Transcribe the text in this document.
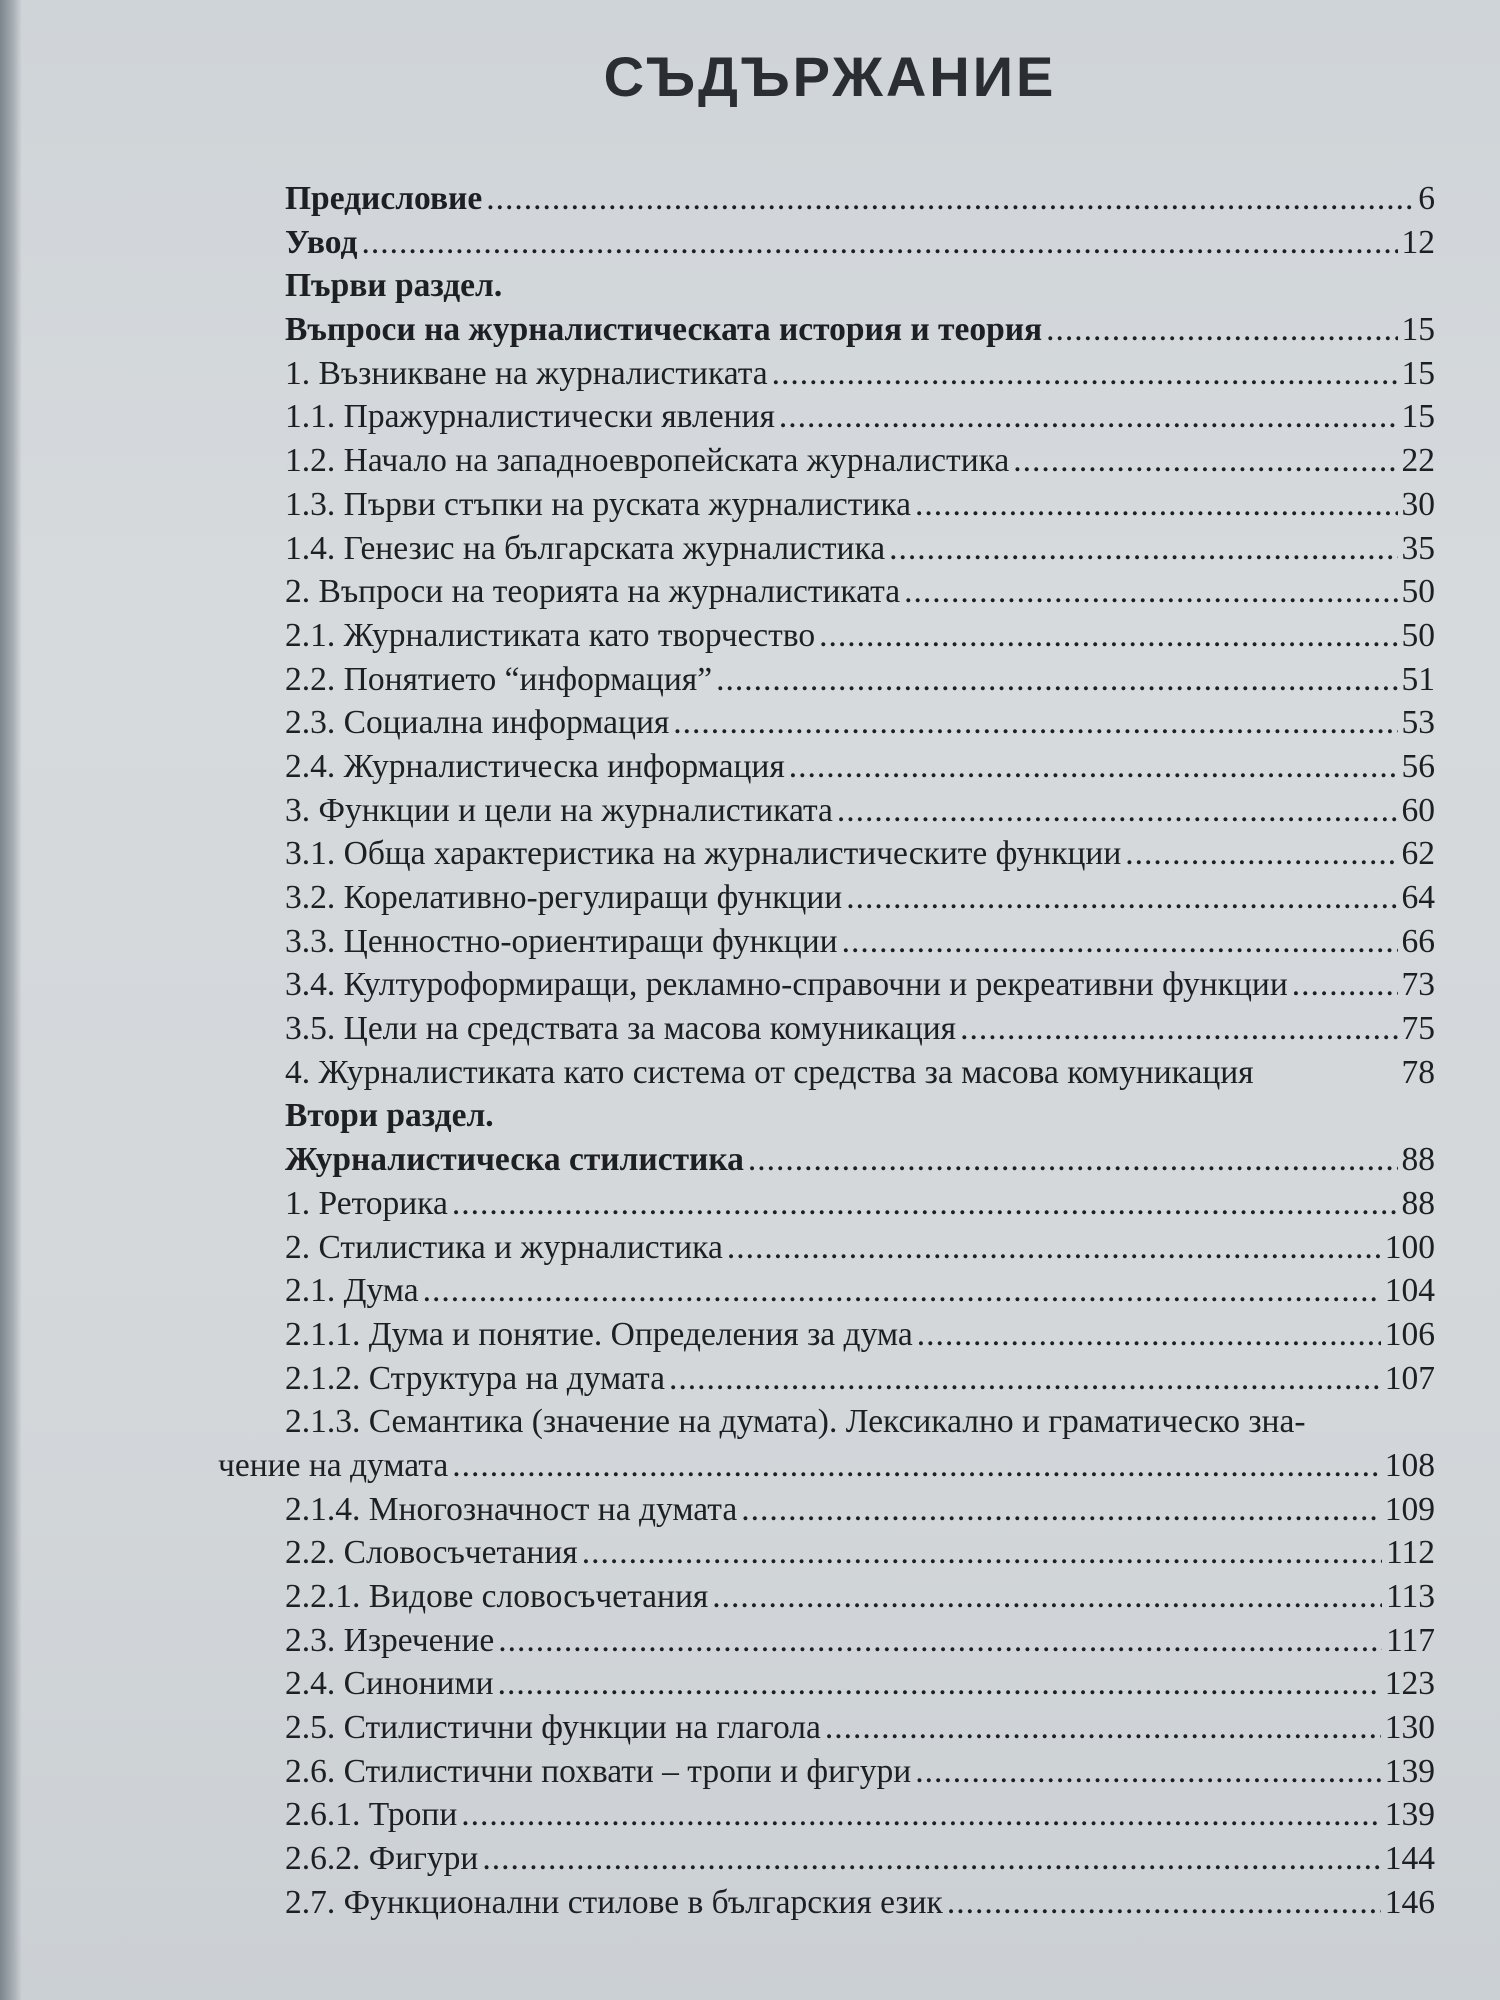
СЪДЪРЖАНИЕ
Предисловие .....	6
Увод .....	12
Първи раздел.
Въпроси на журналистическата история и теория .....	15
1. Възникване на журналистиката .....	15
1.1. Пражурналистически явления .....	15
1.2. Начало на западноевропейската журналистика .....	22
1.3. Първи стъпки на руската журналистика .....	30
1.4. Генезис на българската журналистика .....	35
2. Въпроси на теорията на журналистиката .....	50
2.1. Журналистиката като творчество .....	50
2.2. Понятието “информация” .....	51
2.3. Социална информация .....	53
2.4. Журналистическа информация .....	56
3. Функции и цели на журналистиката .....	60
3.1. Обща характеристика на журналистическите функции .....	62
3.2. Корелативно-регулиращи функции .....	64
3.3. Ценностно-ориентиращи функции .....	66
3.4. Културоформиращи, рекламно-справочни и рекреативни функции .....	73
3.5. Цели на средствата за масова комуникация .....	75
4. Журналистиката като система от средства за масова комуникация	78
Втори раздел.
Журналистическа стилистика .....	88
1. Реторика .....	88
2. Стилистика и журналистика .....	100
2.1. Дума .....	104
2.1.1. Дума и понятие. Определения за дума .....	106
2.1.2. Структура на думата .....	107
2.1.3. Семантика (значение на думата). Лексикално и граматическо зна-
чение на думата .....	108
2.1.4. Многозначност на думата .....	109
2.2. Словосъчетания .....	112
2.2.1. Видове словосъчетания .....	113
2.3. Изречение .....	117
2.4. Синоними .....	123
2.5. Стилистични функции на глагола .....	130
2.6. Стилистични похвати – тропи и фигури .....	139
2.6.1. Тропи .....	139
2.6.2. Фигури .....	144
2.7. Функционални стилове в българския език .....	146
